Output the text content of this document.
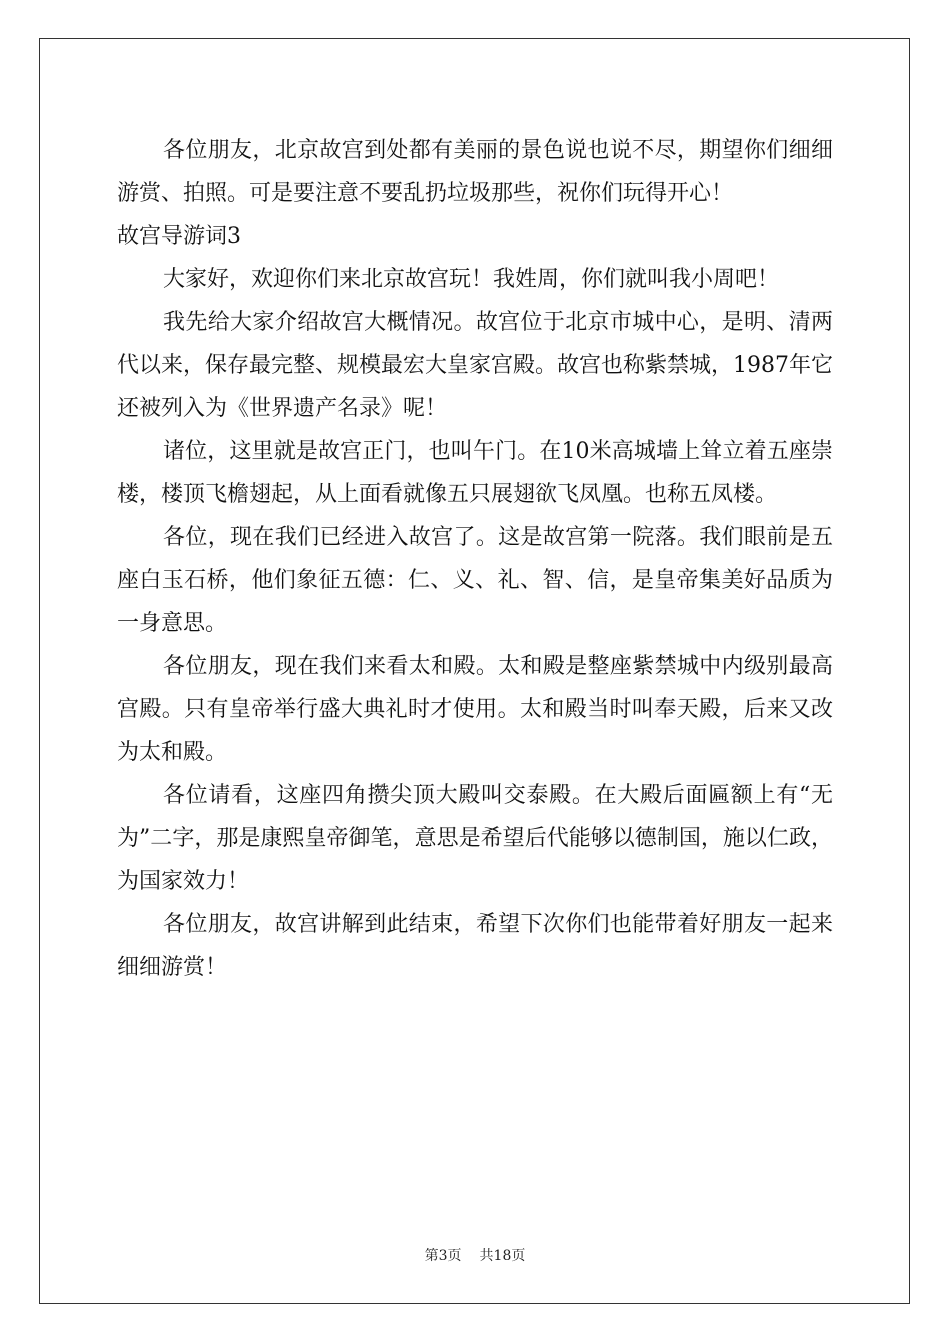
各位朋友，北京故宫到处都有美丽的景色说也说不尽，期望你们细细游赏、拍照。可是要注意不要乱扔垃圾那些，祝你们玩得开心！

故宫导游词3

大家好，欢迎你们来北京故宫玩！我姓周，你们就叫我小周吧！

我先给大家介绍故宫大概情况。故宫位于北京市城中心，是明、清两代以来，保存最完整、规模最宏大皇家宫殿。故宫也称紫禁城，1987年它还被列入为《世界遗产名录》呢！

诸位，这里就是故宫正门，也叫午门。在10米高城墙上耸立着五座崇楼，楼顶飞檐翅起，从上面看就像五只展翅欲飞凤凰。也称五凤楼。

各位，现在我们已经进入故宫了。这是故宫第一院落。我们眼前是五座白玉石桥，他们象征五德：仁、义、礼、智、信，是皇帝集美好品质为一身意思。

各位朋友，现在我们来看太和殿。太和殿是整座紫禁城中内级别最高宫殿。只有皇帝举行盛大典礼时才使用。太和殿当时叫奉天殿，后来又改为太和殿。

各位请看，这座四角攒尖顶大殿叫交泰殿。在大殿后面匾额上有“无为”二字，那是康熙皇帝御笔，意思是希望后代能够以德制国，施以仁政，为国家效力！

各位朋友，故宫讲解到此结束，希望下次你们也能带着好朋友一起来细细游赏！

第3页 共18页
